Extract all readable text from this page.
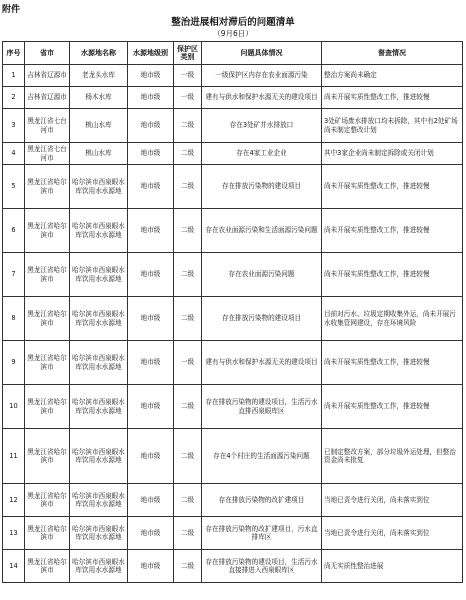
附件
整治进展相对滞后的问题清单
（9月6日）
序号	省市	水源地名称	水源地级别	保护区类别	问题具体情况	督查情况
1	吉林省辽源市	老龙头水库	地市级	一级	一级保护区内存在农业面源污染	整治方案尚未确定
2	吉林省辽源市	杨木水库	地市级	一级	建有与供水和保护水源无关的建设项目	尚未开展实质性整改工作，推进较慢
3	黑龙江省七台河市	桃山水库	地市级	二级	存在3处矿井水排放口	3处矿场废水排放口均未拆除，其中有2处矿场尚未制定整改计划
4	黑龙江省七台河市	桃山水库	地市级	二级	存在4家工业企业	其中3家企业尚未制定拆除或关闭计划
5	黑龙江省哈尔滨市	哈尔滨市西泉眼水库饮用水水源地	地市级	二级	存在排放污染物的建设项目	尚未开展实质性整改工作，推进较慢
6	黑龙江省哈尔滨市	哈尔滨市西泉眼水库饮用水水源地	地市级	二级	存在农业面源污染和生活面源污染问题	尚未开展实质性整改工作，推进较慢
7	黑龙江省哈尔滨市	哈尔滨市西泉眼水库饮用水水源地	地市级	二级	存在农业面源污染问题	尚未开展实质性整改工作，推进较慢
8	黑龙江省哈尔滨市	哈尔滨市西泉眼水库饮用水水源地	地市级	二级	存在排放污染物的建设项目	目前对污水、垃圾定期收集外运，尚未开展污水收集管网建设，存在环境风险
9	黑龙江省哈尔滨市	哈尔滨市西泉眼水库饮用水水源地	地市级	一级	建有与供水和保护水源无关的建设项目	尚未开展实质性整改工作，推进较慢
10	黑龙江省哈尔滨市	哈尔滨市西泉眼水库饮用水水源地	地市级	二级	存在排放污染物的建设项目，生活污水直排西泉眼库区	尚未开展实质性整改工作，推进较慢
11	黑龙江省哈尔滨市	哈尔滨市西泉眼水库饮用水水源地	地市级	二级	存在4个村庄的生活面源污染问题	已制定整改方案，部分垃圾外运处理，但整治资金尚未批复
12	黑龙江省哈尔滨市	哈尔滨市西泉眼水库饮用水水源地	地市级	二级	存在排放污染物的改扩建项目	当地已责令进行关闭，尚未落实到位
13	黑龙江省哈尔滨市	哈尔滨市西泉眼水库饮用水水源地	地市级	二级	存在排放污染物的改扩建项目，污水直排库区	当地已责令进行关闭，尚未落实到位
14	黑龙江省哈尔滨市	哈尔滨市西泉眼水库饮用水水源地	地市级	二级	存在排放污染物的建设项目，生活污水直接排进入西泉眼库区	尚无实质性整治进展
